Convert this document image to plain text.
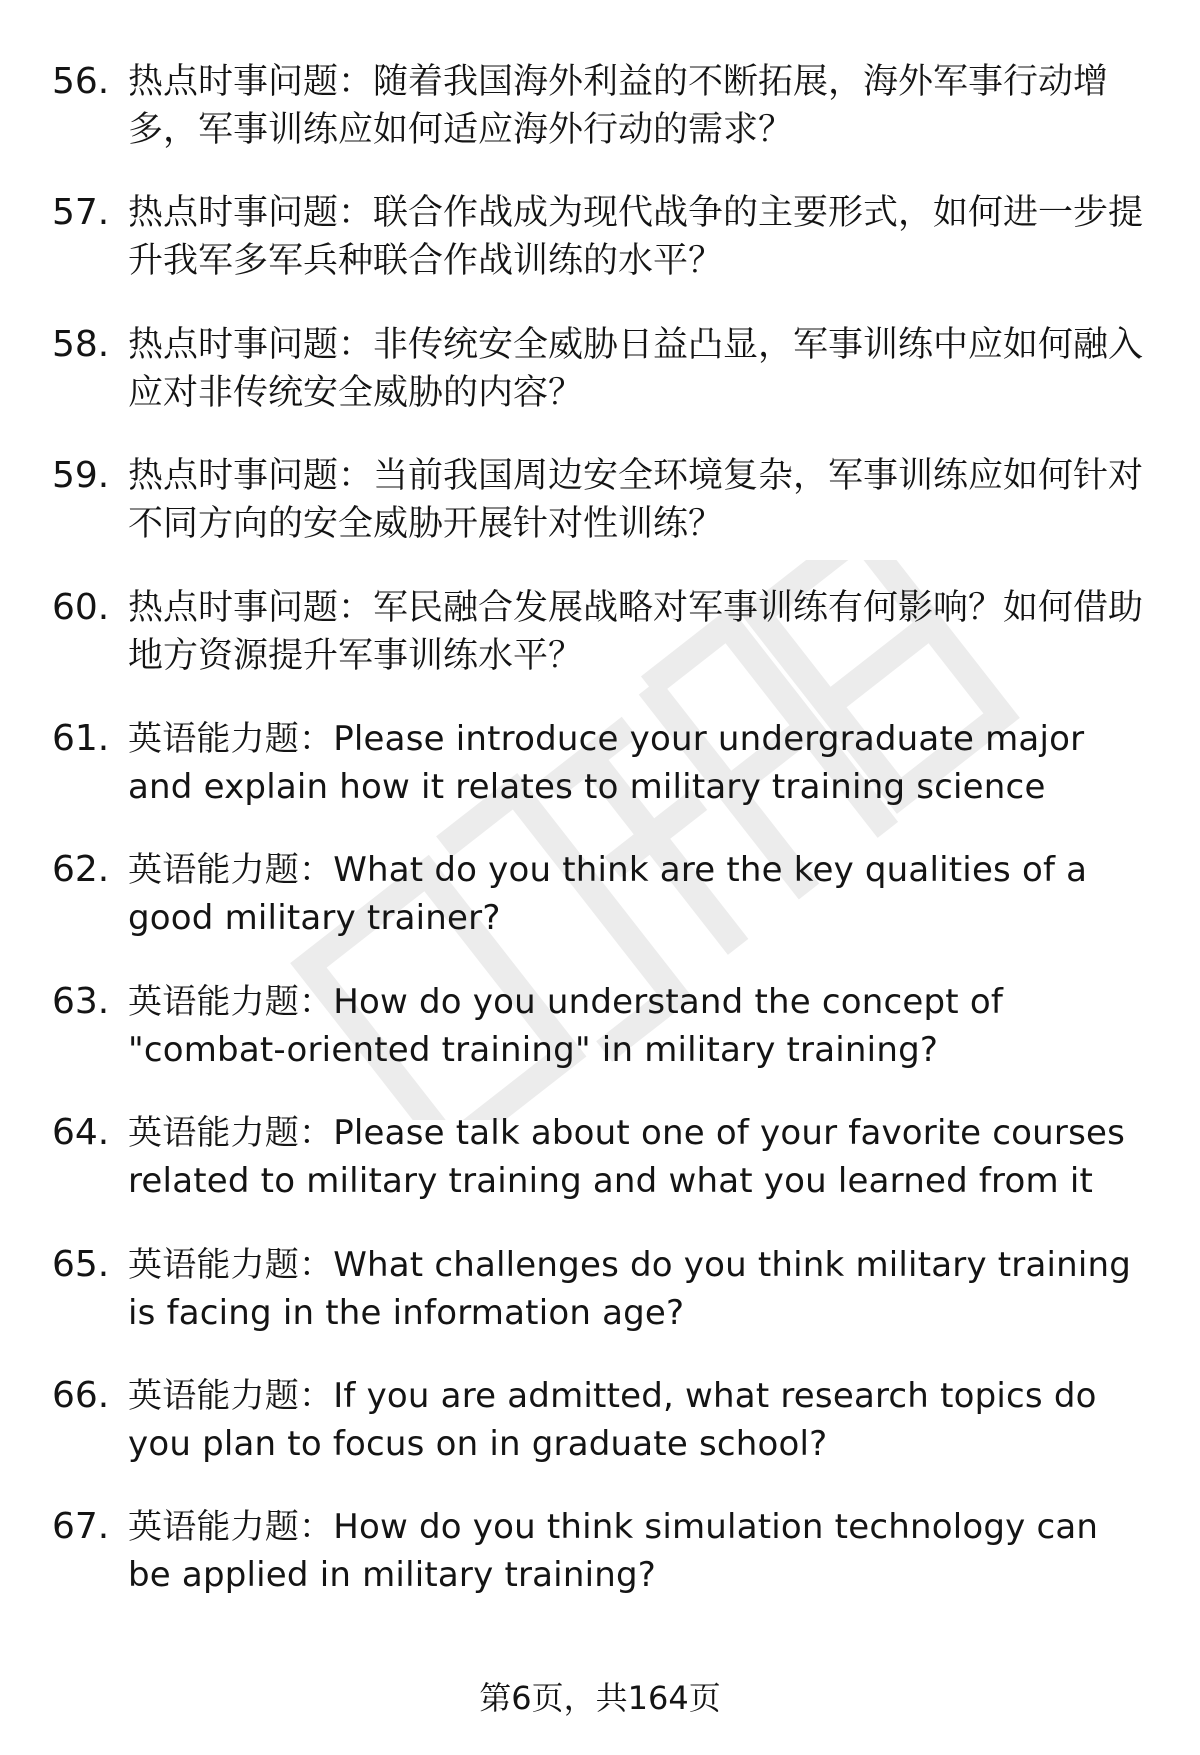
56. 热点时事问题：随着我国海外利益的不断拓展，海外军事行动增多，军事训练应如何适应海外行动的需求？
57. 热点时事问题：联合作战成为现代战争的主要形式，如何进一步提升我军多军兵种联合作战训练的水平？
58. 热点时事问题：非传统安全威胁日益凸显，军事训练中应如何融入应对非传统安全威胁的内容？
59. 热点时事问题：当前我国周边安全环境复杂，军事训练应如何针对不同方向的安全威胁开展针对性训练？
60. 热点时事问题：军民融合发展战略对军事训练有何影响？如何借助地方资源提升军事训练水平？
61. 英语能力题：Please introduce your undergraduate major and explain how it relates to military training science
62. 英语能力题：What do you think are the key qualities of a good military trainer?
63. 英语能力题：How do you understand the concept of "combat-oriented training" in military training?
64. 英语能力题：Please talk about one of your favorite courses related to military training and what you learned from it
65. 英语能力题：What challenges do you think military training is facing in the information age?
66. 英语能力题：If you are admitted, what research topics do you plan to focus on in graduate school?
67. 英语能力题：How do you think simulation technology can be applied in military training?
第6页，共164页
